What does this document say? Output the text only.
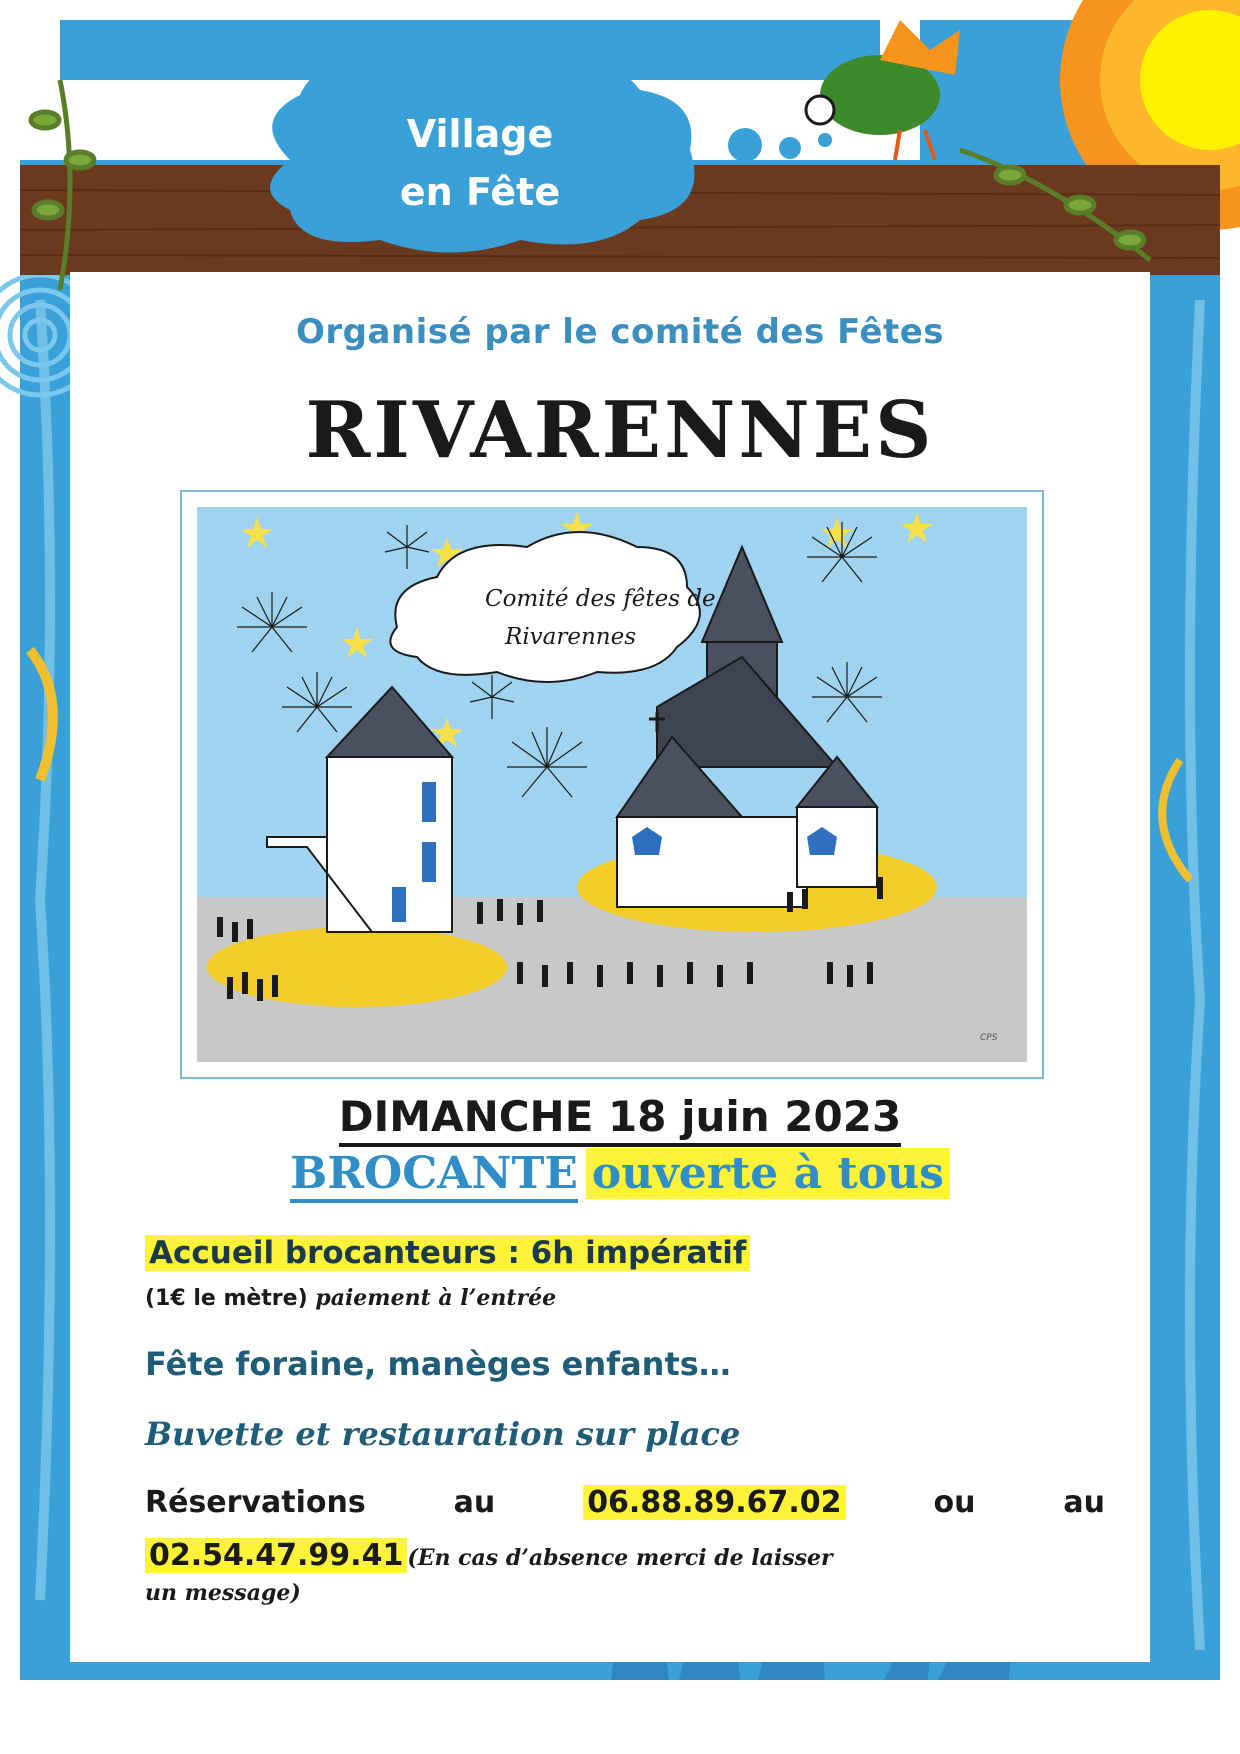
Village
en Fête
Organisé par le comité des Fêtes
RIVARENNES
Comité des fêtes de
Rivarennes
CPS
DIMANCHE 18 juin 2023
BROCANTE ouverte à tous
Accueil brocanteurs : 6h impératif
(1€ le mètre) paiement à l’entrée
Fête foraine, manèges enfants…
Buvette et restauration sur place
Réservations	au	06.88.89.67.02	ou	au
02.54.47.99.41 (En cas d’absence merci de laisser
un message)
